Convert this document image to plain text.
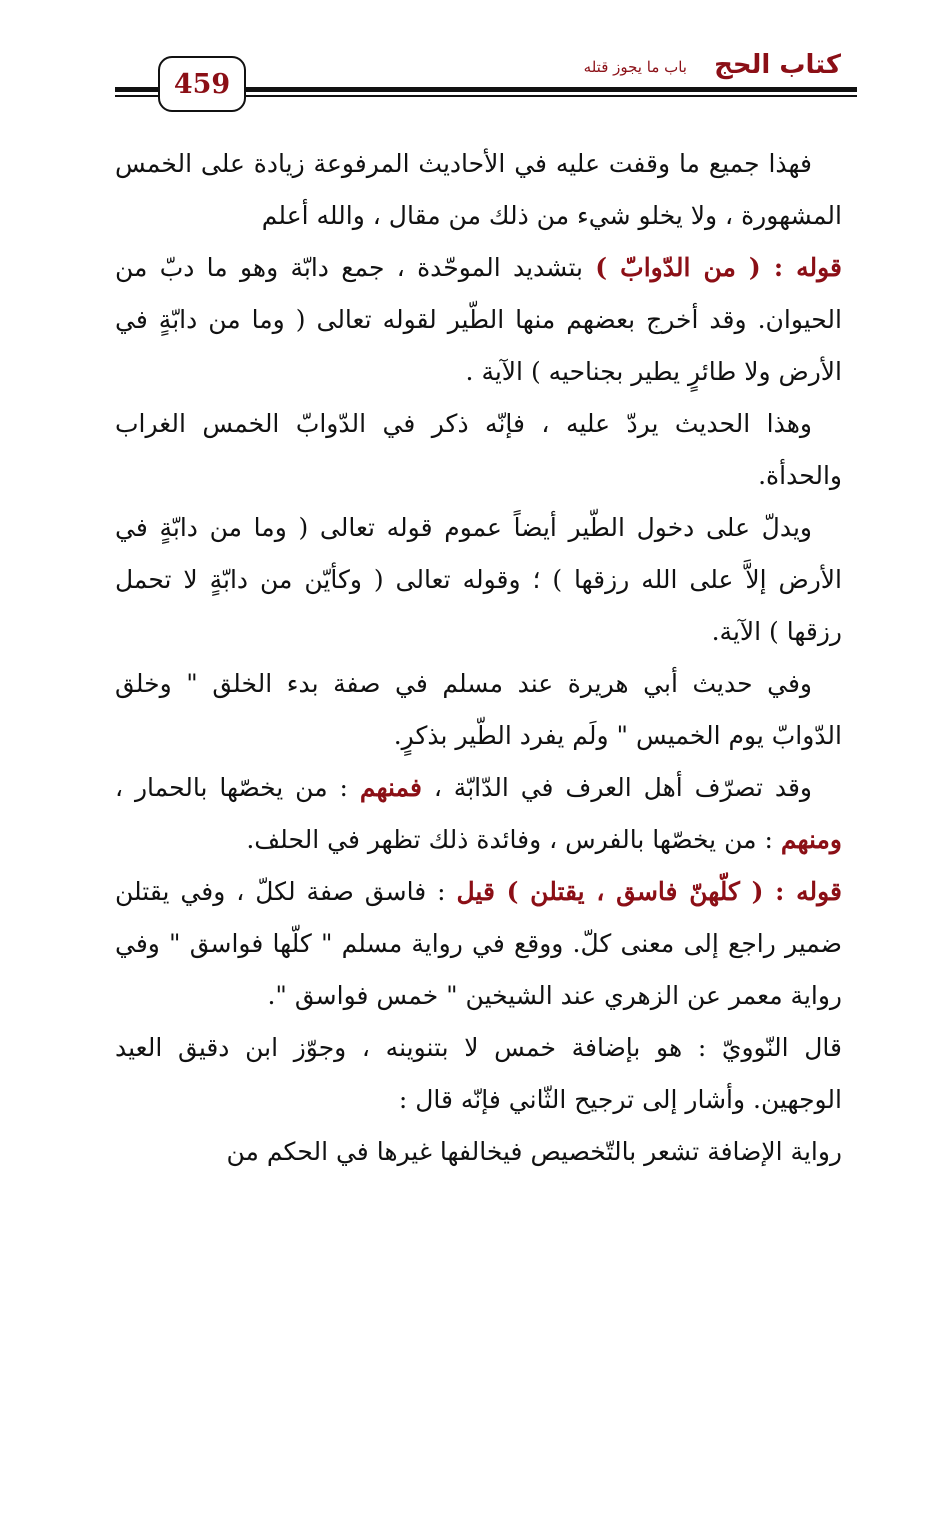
كتاب الحج
باب ما يجوز قتله
459

فهذا جميع ما وقفت عليه في الأحاديث المرفوعة زيادة على الخمس المشهورة ، ولا يخلو شيء من ذلك من مقال ، والله أعلم

قوله : ( من الدّوابّ ) بتشديد الموحّدة ، جمع دابّة وهو ما دبّ من الحيوان. وقد أخرج بعضهم منها الطّير لقوله تعالى ( وما من دابّةٍ في الأرض ولا طائرٍ يطير بجناحيه ) الآية .

وهذا الحديث يردّ عليه ، فإنّه ذكر في الدّوابّ الخمس الغراب والحدأة.

ويدلّ على دخول الطّير أيضاً عموم قوله تعالى ( وما من دابّةٍ في الأرض إلاَّ على الله رزقها ) ؛ وقوله تعالى ( وكأيّن من دابّةٍ لا تحمل رزقها ) الآية.

وفي حديث أبي هريرة عند مسلم في صفة بدء الخلق " وخلق الدّوابّ يوم الخميس " ولَم يفرد الطّير بذكرٍ.

وقد تصرّف أهل العرف في الدّابّة ، فمنهم : من يخصّها بالحمار ، ومنهم : من يخصّها بالفرس ، وفائدة ذلك تظهر في الحلف.

قوله : ( كلّهنّ فاسق ، يقتلن ) قيل : فاسق صفة لكلّ ، وفي يقتلن ضمير راجع إلى معنى كلّ. ووقع في رواية مسلم " كلّها فواسق " وفي رواية معمر عن الزهري عند الشيخين " خمس فواسق ".

قال النّوويّ : هو بإضافة خمس لا بتنوينه ، وجوّز ابن دقيق العيد الوجهين. وأشار إلى ترجيح الثّاني فإنّه قال :

رواية الإضافة تشعر بالتّخصيص فيخالفها غيرها في الحكم من
